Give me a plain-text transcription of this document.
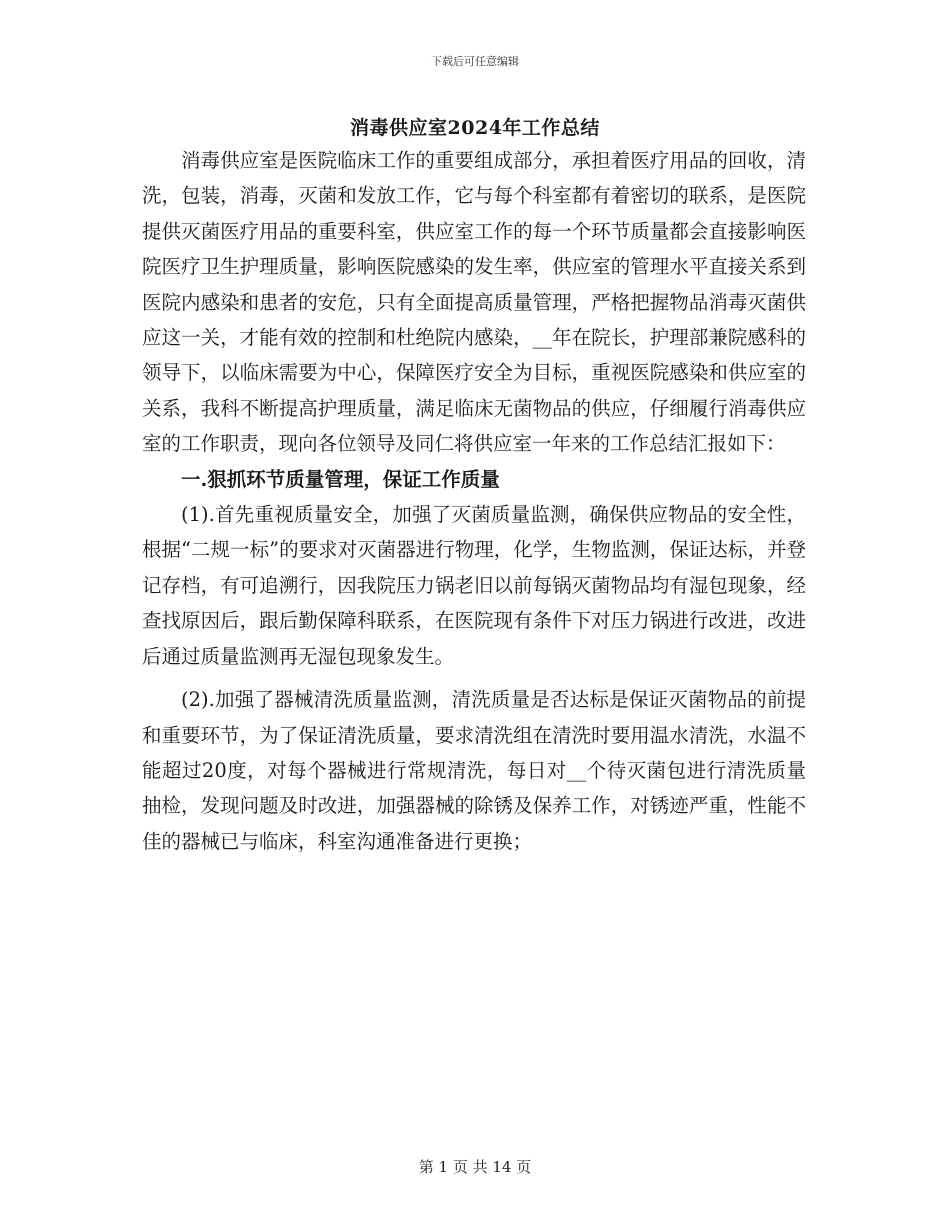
下载后可任意编辑
消毒供应室2024年工作总结

消毒供应室是医院临床工作的重要组成部分，承担着医疗用品的回收，清洗，包装，消毒，灭菌和发放工作，它与每个科室都有着密切的联系，是医院提供灭菌医疗用品的重要科室，供应室工作的每一个环节质量都会直接影响医院医疗卫生护理质量，影响医院感染的发生率，供应室的管理水平直接关系到医院内感染和患者的安危，只有全面提高质量管理，严格把握物品消毒灭菌供应这一关，才能有效的控制和杜绝院内感染，__年在院长，护理部兼院感科的领导下，以临床需要为中心，保障医疗安全为目标，重视医院感染和供应室的关系，我科不断提高护理质量，满足临床无菌物品的供应，仔细履行消毒供应室的工作职责，现向各位领导及同仁将供应室一年来的工作总结汇报如下：

一.狠抓环节质量管理，保证工作质量

(1).首先重视质量安全，加强了灭菌质量监测，确保供应物品的安全性，根据“二规一标”的要求对灭菌器进行物理，化学，生物监测，保证达标，并登记存档，有可追溯行，因我院压力锅老旧以前每锅灭菌物品均有湿包现象，经查找原因后，跟后勤保障科联系，在医院现有条件下对压力锅进行改进，改进后通过质量监测再无湿包现象发生。

(2).加强了器械清洗质量监测，清洗质量是否达标是保证灭菌物品的前提和重要环节，为了保证清洗质量，要求清洗组在清洗时要用温水清洗，水温不能超过20度，对每个器械进行常规清洗，每日对__个待灭菌包进行清洗质量抽检，发现问题及时改进，加强器械的除锈及保养工作，对锈迹严重，性能不佳的器械已与临床，科室沟通准备进行更换；

第 1 页 共 14 页
